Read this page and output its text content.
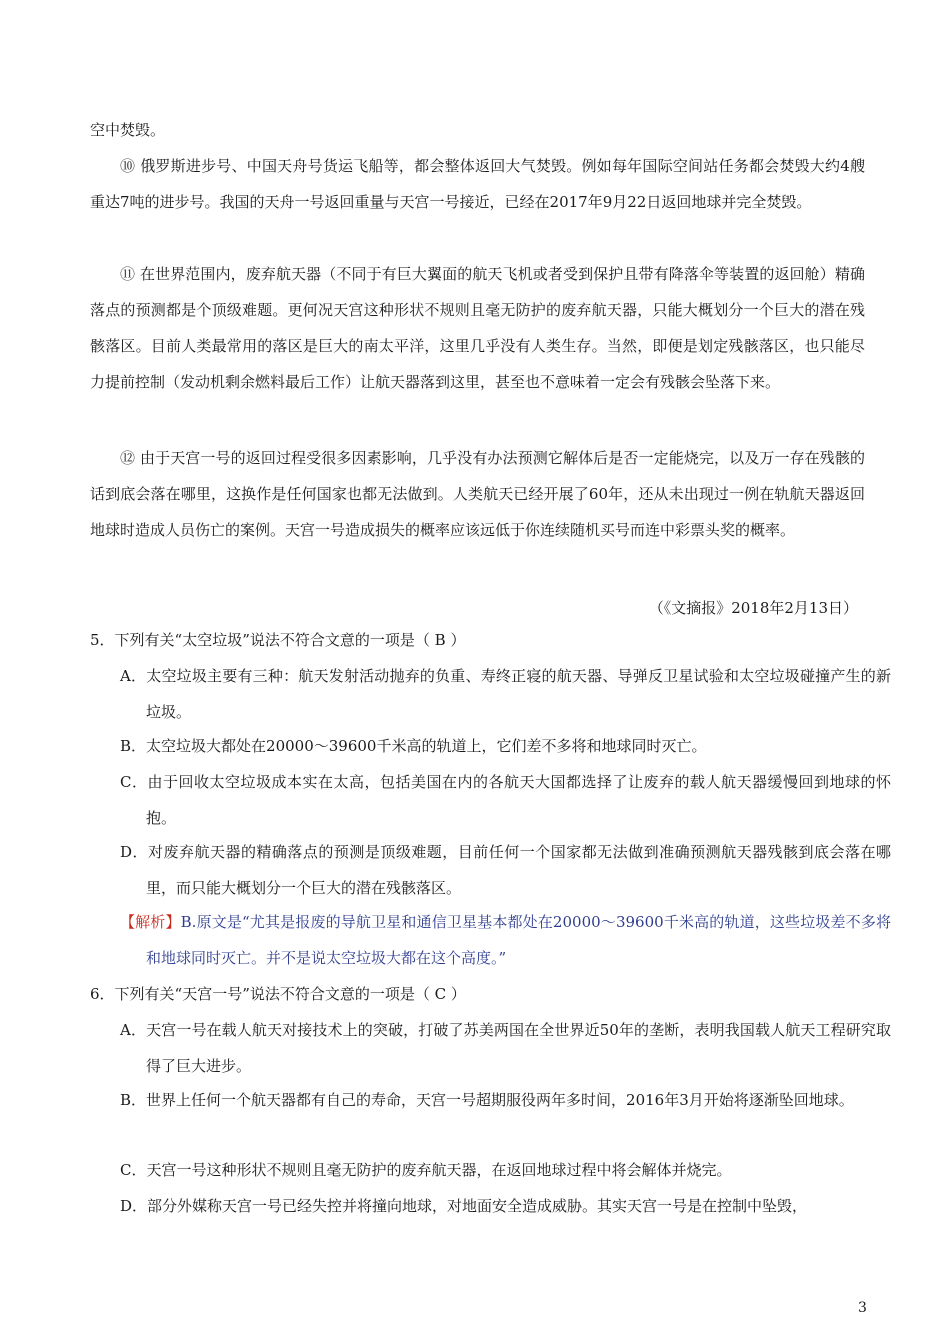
空中焚毁。

⑩ 俄罗斯进步号、中国天舟号货运飞船等，都会整体返回大气焚毁。例如每年国际空间站任务都会焚毁大约4艘重达7吨的进步号。我国的天舟一号返回重量与天宫一号接近，已经在2017年9月22日返回地球并完全焚毁。

⑪ 在世界范围内，废弃航天器（不同于有巨大翼面的航天飞机或者受到保护且带有降落伞等装置的返回舱）精确落点的预测都是个顶级难题。更何况天宫这种形状不规则且毫无防护的废弃航天器，只能大概划分一个巨大的潜在残骸落区。目前人类最常用的落区是巨大的南太平洋，这里几乎没有人类生存。当然，即便是划定残骸落区，也只能尽力提前控制（发动机剩余燃料最后工作）让航天器落到这里，甚至也不意味着一定会有残骸会坠落下来。

⑫ 由于天宫一号的返回过程受很多因素影响，几乎没有办法预测它解体后是否一定能烧完，以及万一存在残骸的话到底会落在哪里，这换作是任何国家也都无法做到。人类航天已经开展了60年，还从未出现过一例在轨航天器返回地球时造成人员伤亡的案例。天宫一号造成损失的概率应该远低于你连续随机买号而连中彩票头奖的概率。

（《文摘报》2018年2月13日）

5．下列有关“太空垃圾”说法不符合文意的一项是（ B ）

A．太空垃圾主要有三种：航天发射活动抛弃的负重、寿终正寝的航天器、导弹反卫星试验和太空垃圾碰撞产生的新垃圾。

B．太空垃圾大都处在20000～39600千米高的轨道上，它们差不多将和地球同时灭亡。

C．由于回收太空垃圾成本实在太高，包括美国在内的各航天大国都选择了让废弃的载人航天器缓慢回到地球的怀抱。

D．对废弃航天器的精确落点的预测是顶级难题，目前任何一个国家都无法做到准确预测航天器残骸到底会落在哪里，而只能大概划分一个巨大的潜在残骸落区。

【解析】B.原文是“尤其是报废的导航卫星和通信卫星基本都处在20000～39600千米高的轨道，这些垃圾差不多将和地球同时灭亡。并不是说太空垃圾大都在这个高度。”

6．下列有关“天宫一号”说法不符合文意的一项是（ C ）

A．天宫一号在载人航天对接技术上的突破，打破了苏美两国在全世界近50年的垄断，表明我国载人航天工程研究取得了巨大进步。

B．世界上任何一个航天器都有自己的寿命，天宫一号超期服役两年多时间，2016年3月开始将逐渐坠回地球。

C．天宫一号这种形状不规则且毫无防护的废弃航天器，在返回地球过程中将会解体并烧完。

D．部分外媒称天宫一号已经失控并将撞向地球，对地面安全造成威胁。其实天宫一号是在控制中坠毁，

3
